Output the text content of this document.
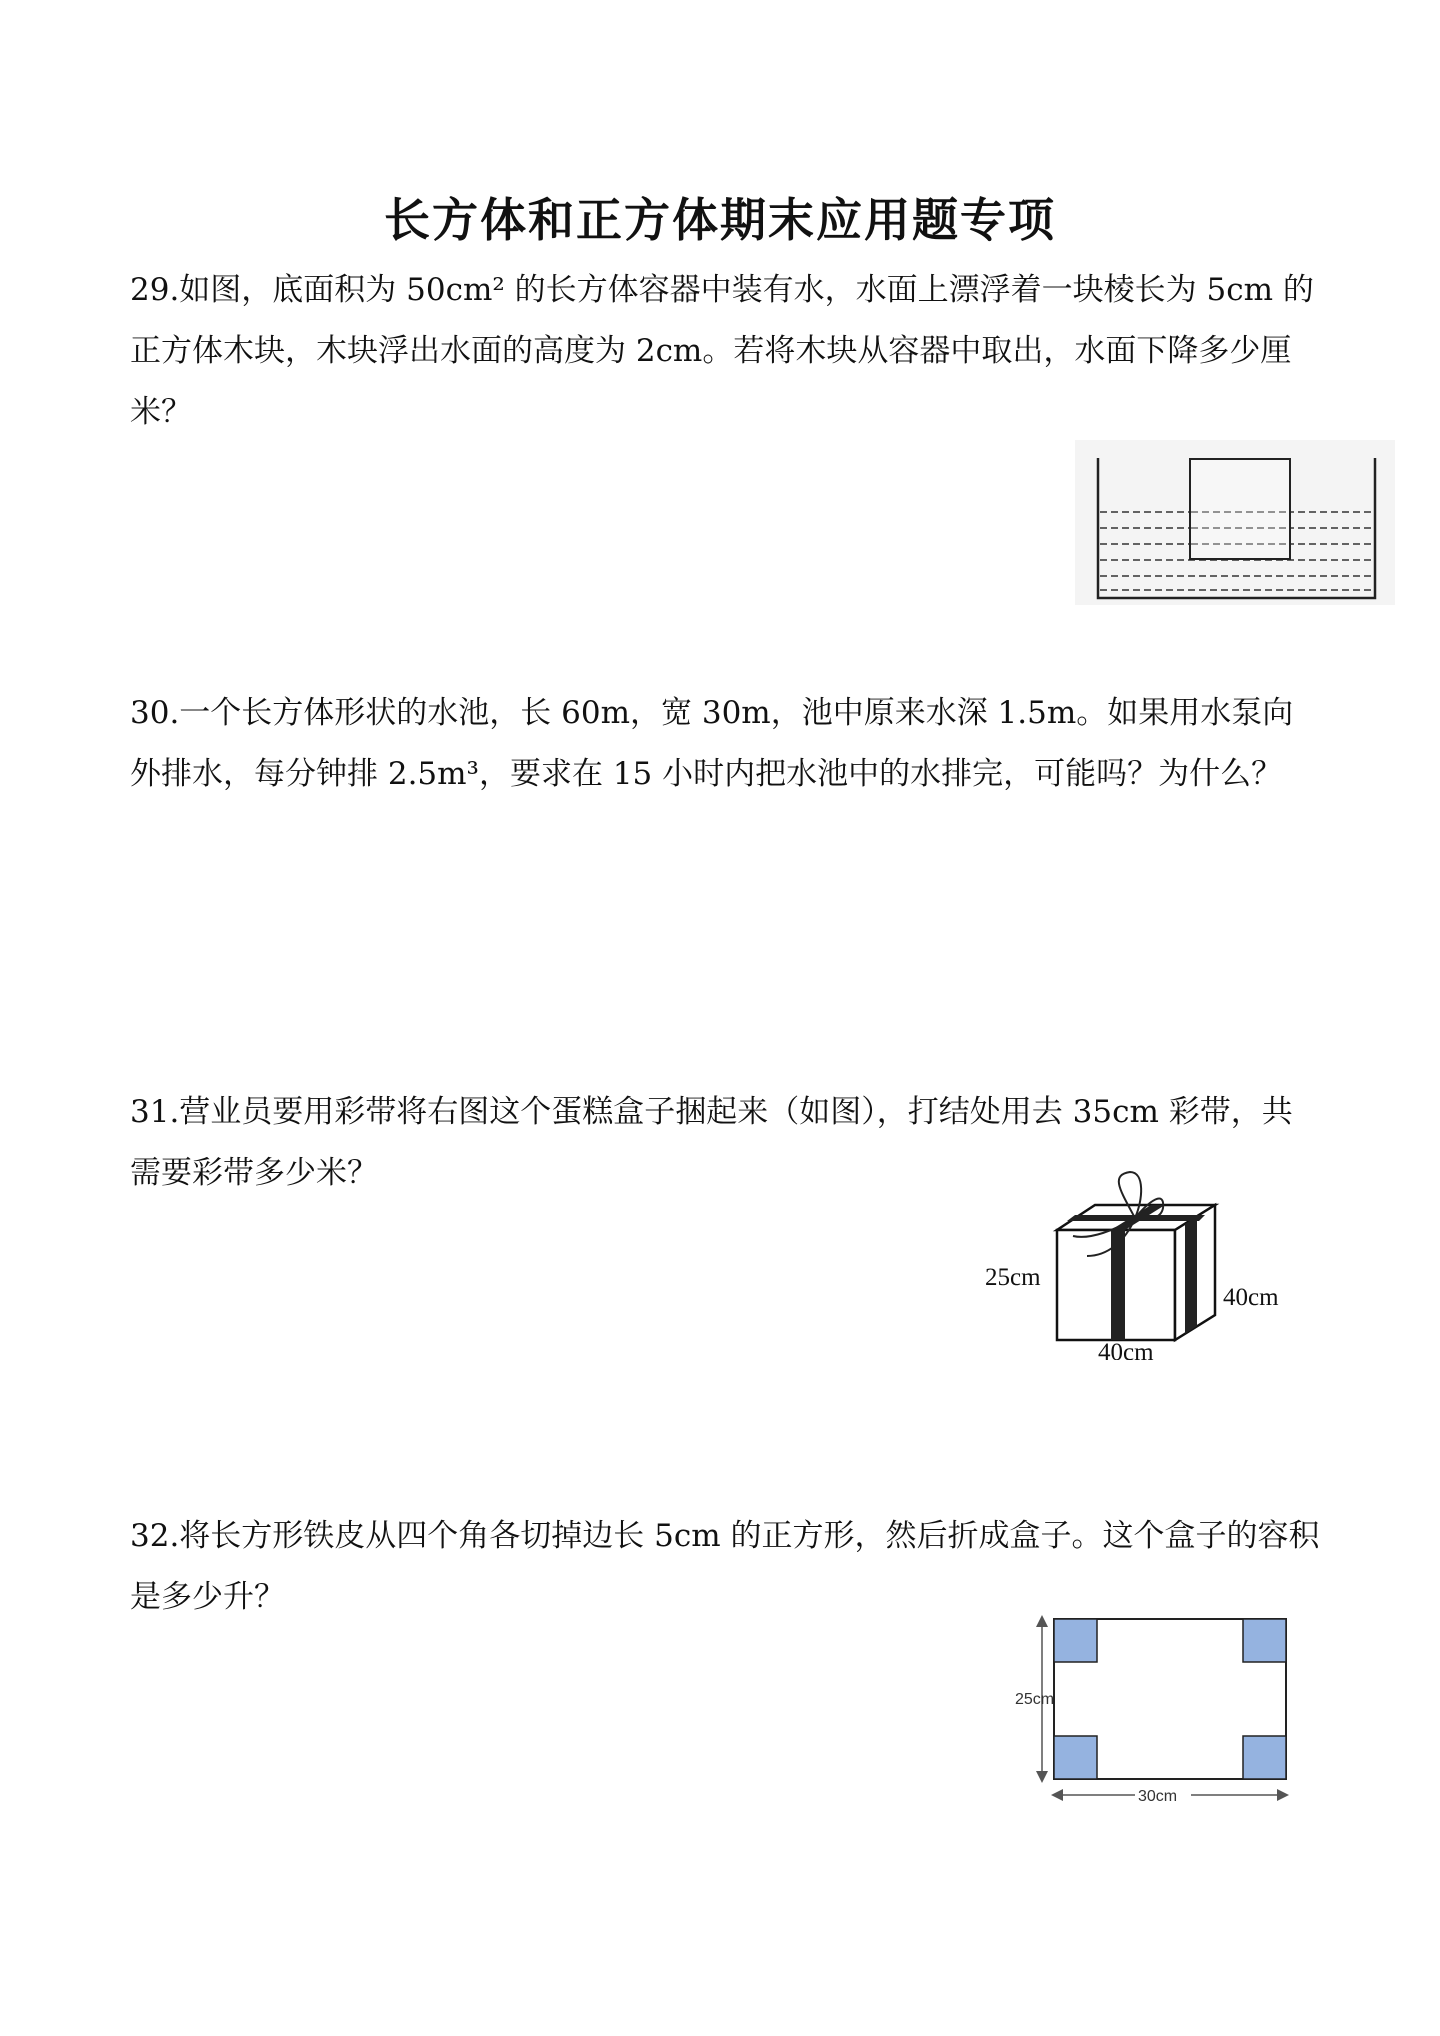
长方体和正方体期末应用题专项
29.如图，底面积为 50cm² 的长方体容器中装有水，水面上漂浮着一块棱长为 5cm 的正方体木块，木块浮出水面的高度为 2cm。若将木块从容器中取出，水面下降多少厘米？
30.一个长方体形状的水池，长 60m，宽 30m，池中原来水深 1.5m。如果用水泵向外排水，每分钟排 2.5m³，要求在 15 小时内把水池中的水排完，可能吗？为什么？
31.营业员要用彩带将右图这个蛋糕盒子捆起来（如图），打结处用去 35cm 彩带，共需要彩带多少米？
25cm
40cm
40cm
32.将长方形铁皮从四个角各切掉边长 5cm 的正方形，然后折成盒子。这个盒子的容积是多少升？
25cm
30cm
